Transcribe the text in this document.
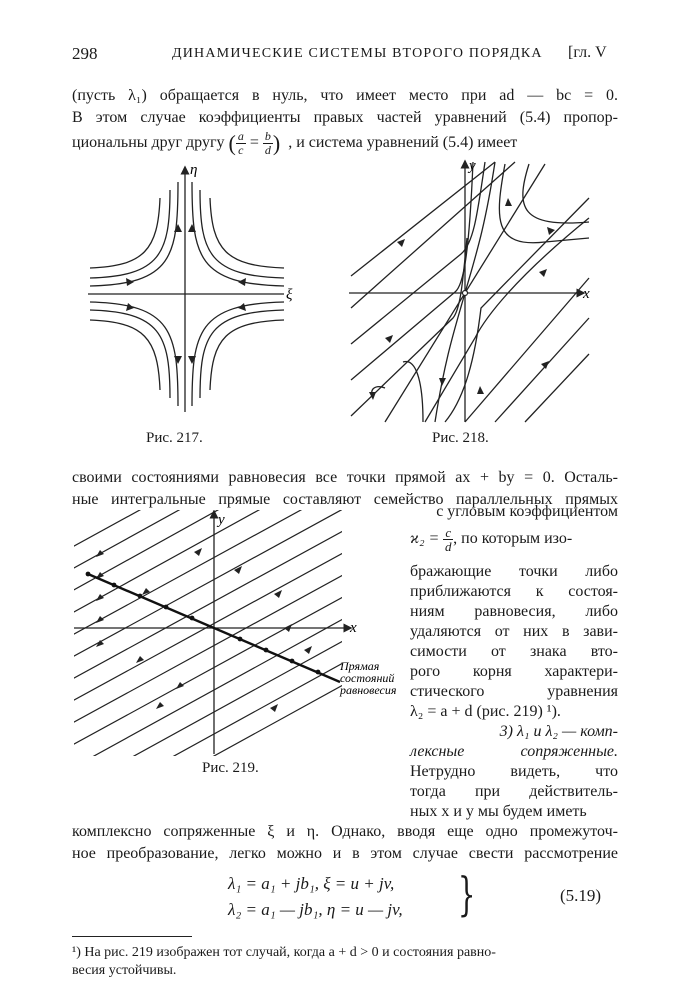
298	ДИНАМИЧЕСКИЕ СИСТЕМЫ ВТОРОГО ПОРЯДКА [гл. V
(пусть λ₁) обращается в нуль, что имеет место при ad — bc = 0.
В этом случае коэффициенты правых частей уравнений (5.4) пропор-
циональны друг другу ( $\frac{a}{c} = \frac{b}{d}$ ) , и система уравнений (5.4) имеет
ξ
η
Рис. 217.
x
y
Рис. 218.
своими состояниями равновесия все точки прямой ax + by = 0. Осталь-
ные интегральные прямые составляют семейство параллельных прямых
x
y
Прямая
состояний
равновесия
Рис. 219.
с угловым коэффициентом
$ϰ_2 = \frac{c}{d}$ , по которым изо-
бражающие точки либо
приближаются к состоя-
ниям равновесия, либо
удаляются от них в зави-
симости от знака вто-
рого корня характери-
стического уравнения
λ₂ = a + d (рис. 219) ¹).
3) λ₁ и λ₂ — комп-
лексные сопряженные.
Нетрудно видеть, что
тогда при действитель-
ных x и y мы будем иметь
комплексно сопряженные ξ и η. Однако, вводя еще одно промежуточ-
ное преобразование, легко можно и в этом случае свести рассмотрение
λ₁ = a₁ + jb₁, ξ = u + jv,
λ₂ = a₁ — jb₁, η = u — jv, }	(5.19)
¹) На рис. 219 изображен тот случай, когда a + d > 0 и состояния равно-
весия устойчивы.
